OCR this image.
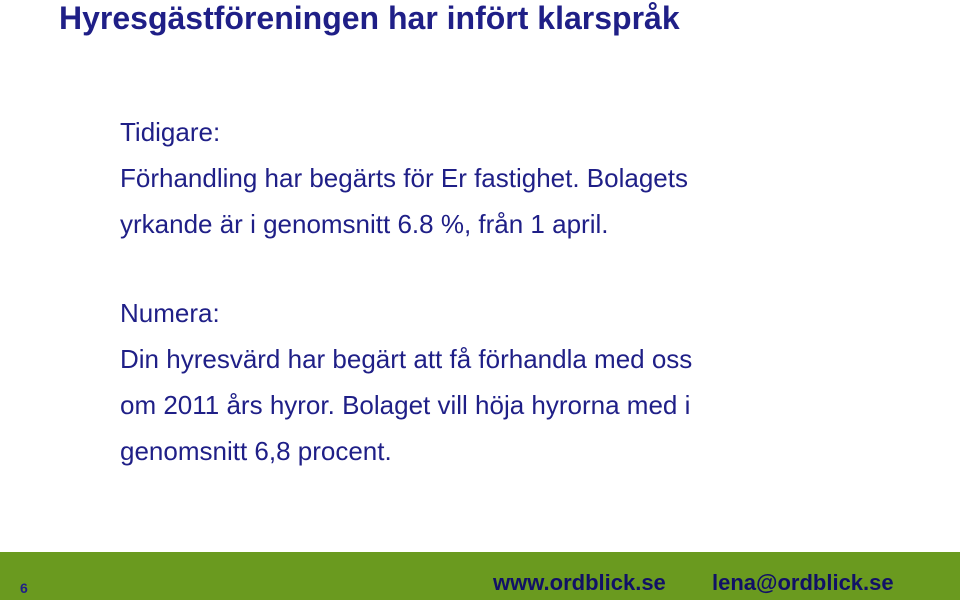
Hyresgästföreningen har infört klarspråk

Tidigare:

Förhandling har begärts för Er fastighet. Bolagets

yrkande är i genomsnitt 6.8 %, från 1 april.

Numera:

Din hyresvärd har begärt att få förhandla med oss

om 2011 års hyror. Bolaget vill höja hyrorna med i

genomsnitt 6,8 procent.

6	www.ordblick.se lena@ordblick.se
